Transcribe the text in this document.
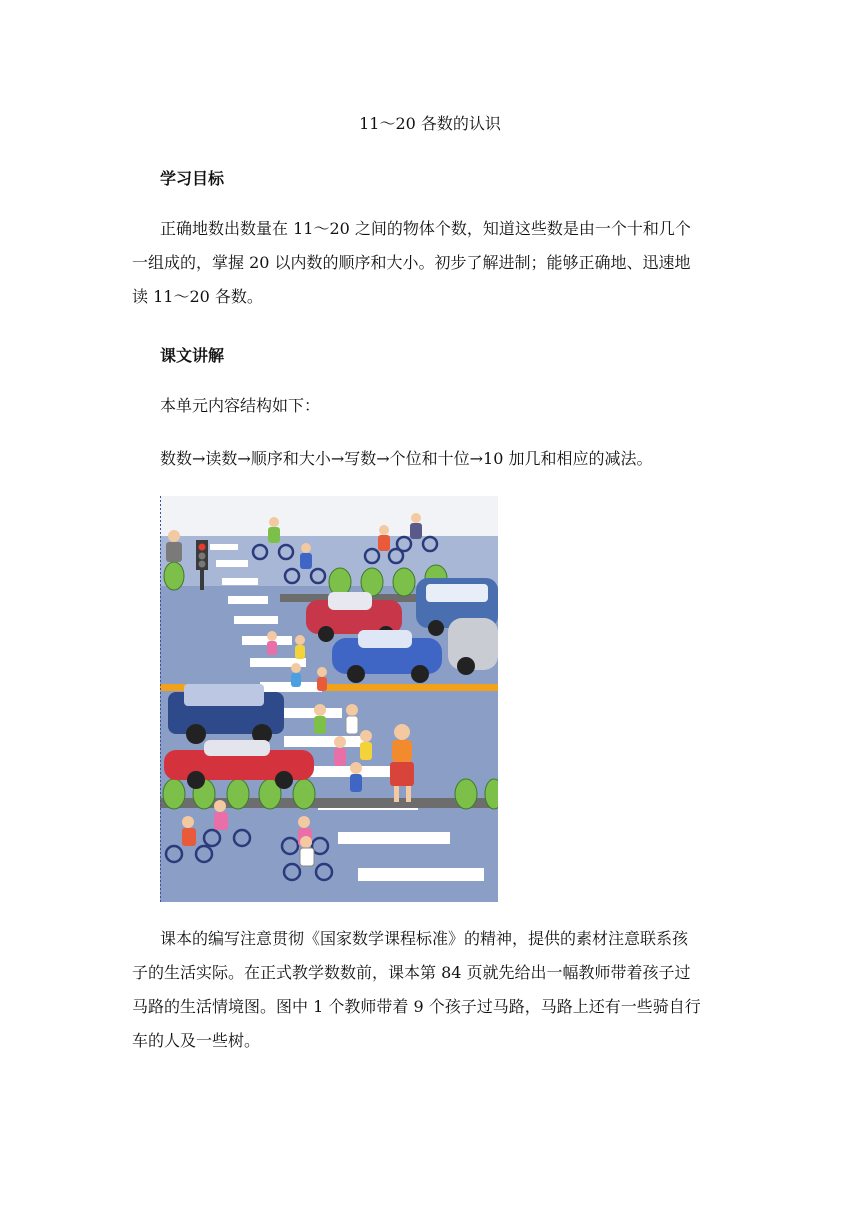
11～20 各数的认识
学习目标
正确地数出数量在 11～20 之间的物体个数，知道这些数是由一个十和几个
一组成的，掌握 20 以内数的顺序和大小。初步了解进制；能够正确地、迅速地
读 11～20 各数。
课文讲解
本单元内容结构如下：
数数→读数→顺序和大小→写数→个位和十位→10 加几和相应的减法。
课本的编写注意贯彻《国家数学课程标准》的精神，提供的素材注意联系孩
子的生活实际。在正式教学数数前，课本第 84 页就先给出一幅教师带着孩子过
马路的生活情境图。图中 1 个教师带着 9 个孩子过马路，马路上还有一些骑自行
车的人及一些树。
